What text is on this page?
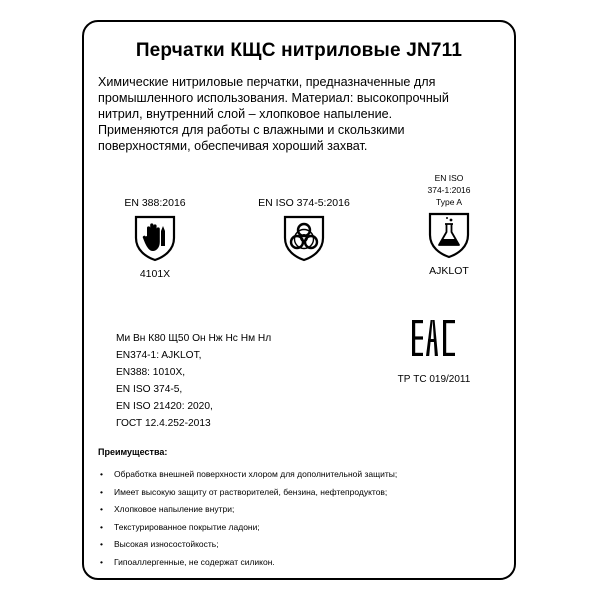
Перчатки КЩС нитриловые JN711
Химические нитриловые перчатки, предназначенные для
промышленного использования. Материал: высокопрочный
нитрил, внутренний слой – хлопковое напыление.
Применяются для работы с влажными и скользкими
поверхностями, обеспечивая хороший захват.
EN 388:2016
4101X
EN ISO 374-5:2016
EN ISO
374-1:2016
Type A
AJKLOT
Ми Вн К80 Щ50 Он Нж Нс Нм Нл
EN374-1: AJKLOT,
EN388: 1010X,
EN ISO 374-5,
EN ISO 21420: 2020,
ГОСТ 12.4.252-2013
ТР ТС 019/2011
Преимущества:
• Обработка внешней поверхности хлором для дополнительной защиты;
• Имеет высокую защиту от растворителей, бензина, нефтепродуктов;
• Хлопковое напыление внутри;
• Текстурированное покрытие ладони;
• Высокая износостойкость;
• Гипоаллергенные, не содержат силикон.
